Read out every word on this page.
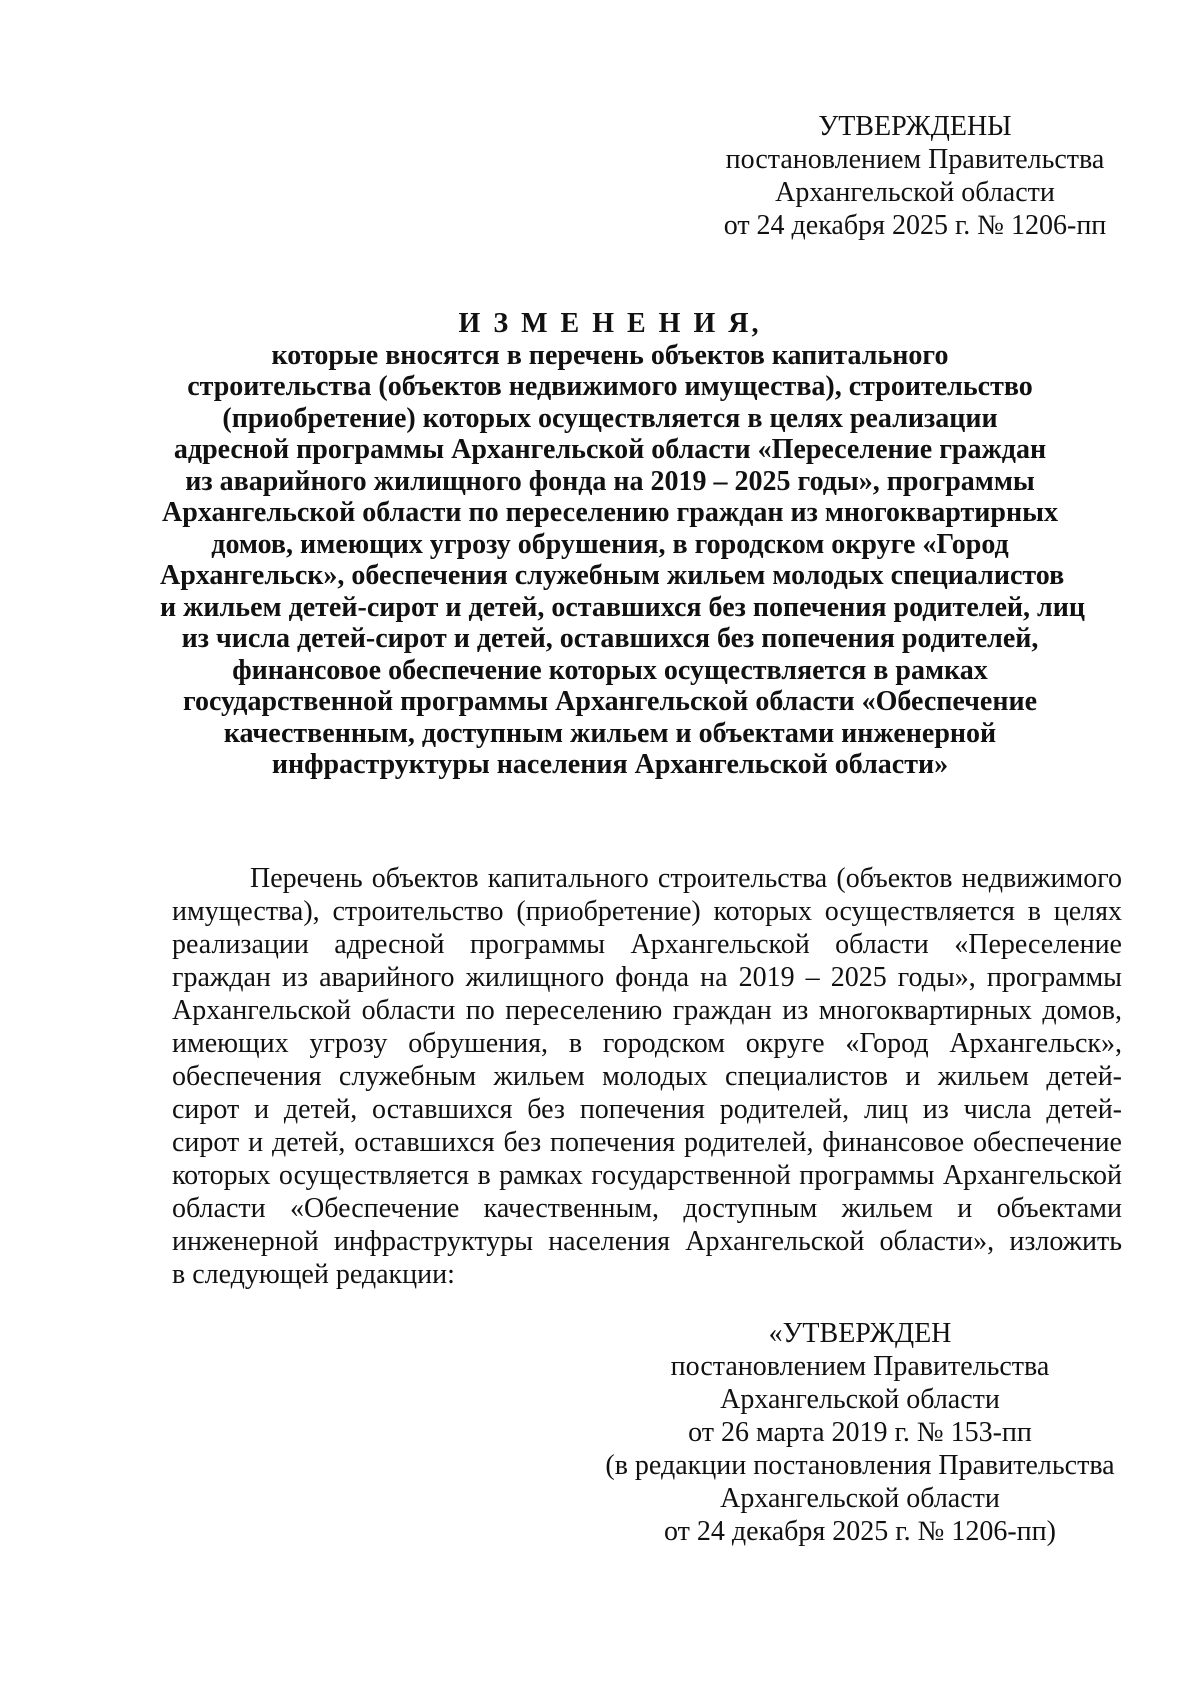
УТВЕРЖДЕНЫ
постановлением Правительства
Архангельской области
от 24 декабря 2025 г. № 1206-пп
И З М Е Н Е Н И Я,
которые вносятся в перечень объектов капитального
строительства (объектов недвижимого имущества), строительство
(приобретение) которых осуществляется в целях реализации
адресной программы Архангельской области «Переселение граждан
из аварийного жилищного фонда на 2019 – 2025 годы», программы
Архангельской области по переселению граждан из многоквартирных
домов, имеющих угрозу обрушения, в городском округе «Город
Архангельск», обеспечения служебным жильем молодых специалистов
и жильем детей-сирот и детей, оставшихся без попечения родителей, лиц
из числа детей-сирот и детей, оставшихся без попечения родителей,
финансовое обеспечение которых осуществляется в рамках
государственной программы Архангельской области «Обеспечение
качественным, доступным жильем и объектами инженерной
инфраструктуры населения Архангельской области»
Перечень объектов капитального строительства (объектов недвижимого
имущества), строительство (приобретение) которых осуществляется в целях
реализации адресной программы Архангельской области «Переселение
граждан из аварийного жилищного фонда на 2019 – 2025 годы», программы
Архангельской области по переселению граждан из многоквартирных домов,
имеющих угрозу обрушения, в городском округе «Город Архангельск»,
обеспечения служебным жильем молодых специалистов и жильем детей-
сирот и детей, оставшихся без попечения родителей, лиц из числа детей-
сирот и детей, оставшихся без попечения родителей, финансовое обеспечение
которых осуществляется в рамках государственной программы Архангельской
области «Обеспечение качественным, доступным жильем и объектами
инженерной инфраструктуры населения Архангельской области», изложить
в следующей редакции:
«УТВЕРЖДЕН
постановлением Правительства
Архангельской области
от 26 марта 2019 г. № 153-пп
(в редакции постановления Правительства
Архангельской области
от 24 декабря 2025 г. № 1206-пп)
